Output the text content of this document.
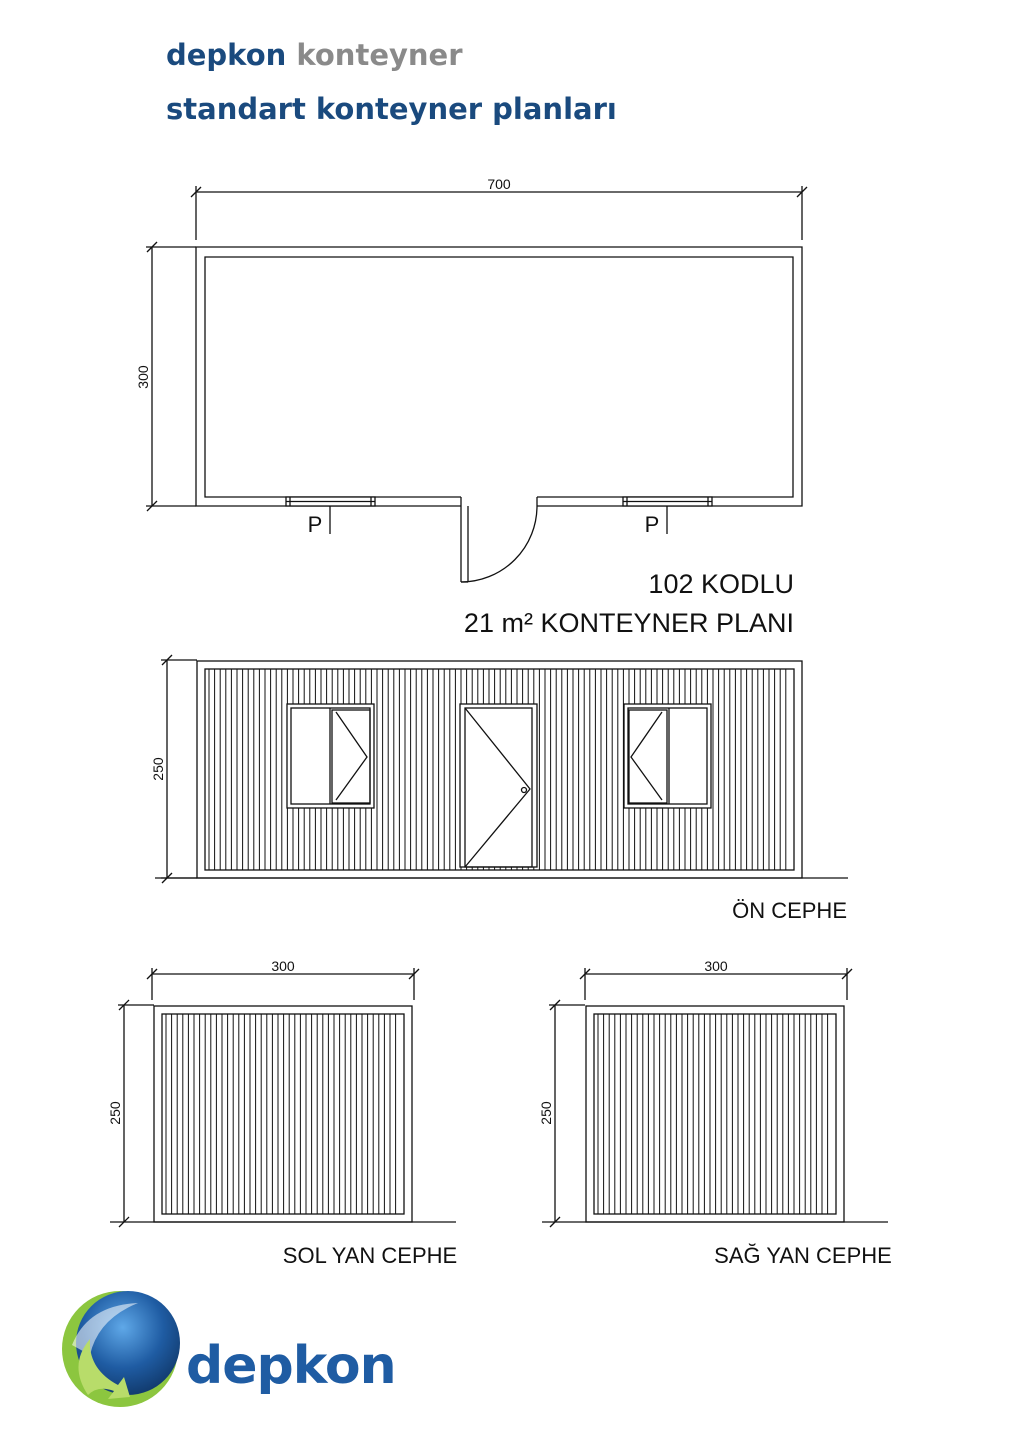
depkon konteyner
standart konteyner planları
700
300
P	P
102 KODLU
21 m² KONTEYNER PLANI
250
ÖN CEPHE
300
250
SOL YAN CEPHE
300
250
SAĞ YAN CEPHE
depkon
